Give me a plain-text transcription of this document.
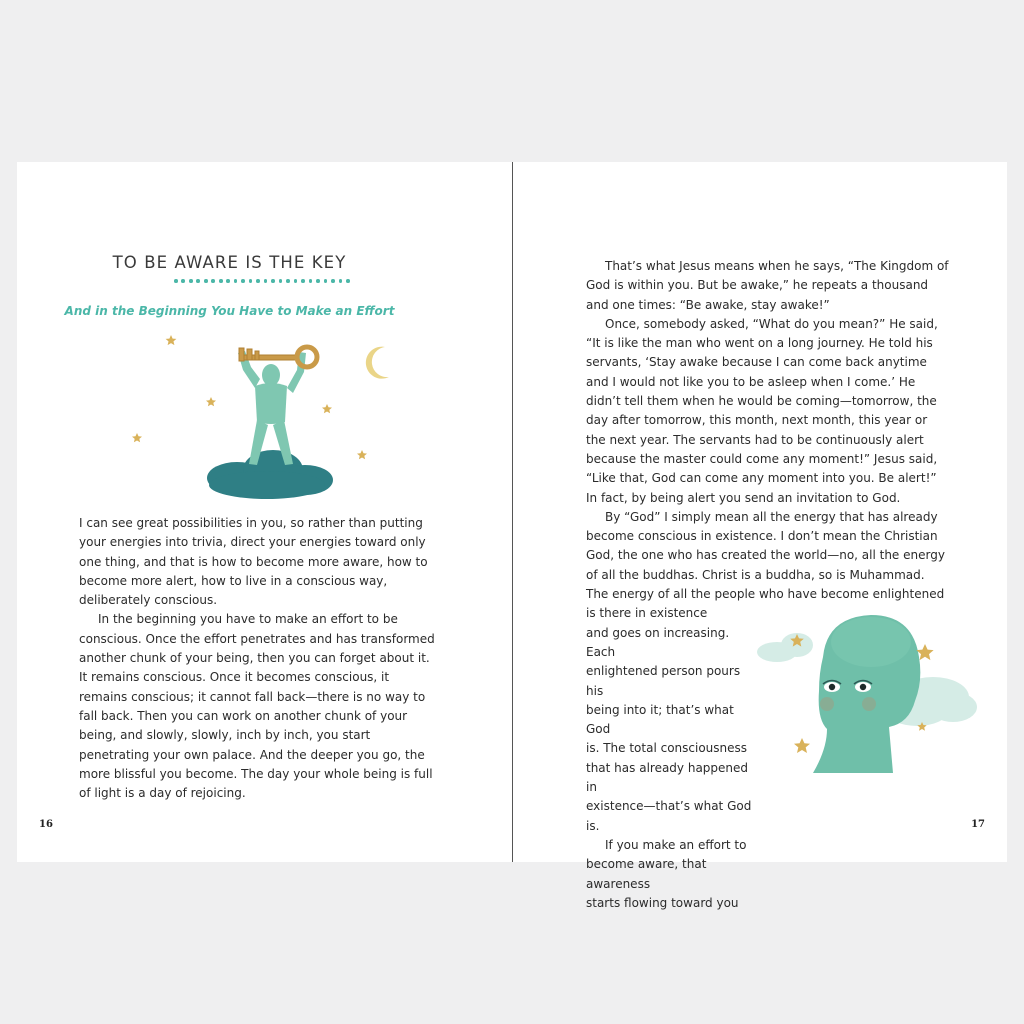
TO BE AWARE IS THE KEY
And in the Beginning You Have to Make an Effort

I can see great possibilities in you, so rather than putting your energies into trivia, direct your energies toward only one thing, and that is how to become more aware, how to become more alert, how to live in a conscious way, deliberately conscious.

In the beginning you have to make an effort to be conscious. Once the effort penetrates and has transformed another chunk of your being, then you can forget about it. It remains conscious. Once it becomes conscious, it remains conscious; it cannot fall back—there is no way to fall back. Then you can work on another chunk of your being, and slowly, slowly, inch by inch, you start penetrating your own palace. And the deeper you go, the more blissful you become. The day your whole being is full of light is a day of rejoicing.

16

That’s what Jesus means when he says, “The Kingdom of God is within you. But be awake,” he repeats a thousand and one times: “Be awake, stay awake!”

Once, somebody asked, “What do you mean?” He said, “It is like the man who went on a long journey. He told his servants, ‘Stay awake because I can come back anytime and I would not like you to be asleep when I come.’ He didn’t tell them when he would be coming—tomorrow, the day after tomorrow, this month, next month, this year or the next year. The servants had to be continuously alert because the master could come any moment!” Jesus said, “Like that, God can come any moment into you. Be alert!” In fact, by being alert you send an invitation to God.

By “God” I simply mean all the energy that has already become conscious in existence. I don’t mean the Christian God, the one who has created the world—no, all the energy of all the buddhas. Christ is a buddha, so is Muhammad. The energy of all the people who have become enlightened is there in existence

and goes on increasing. Each
enlightened person pours his
being into it; that’s what God
is. The total consciousness
that has already happened in
existence—that’s what God is.
If you make an effort to
become aware, that awareness
starts flowing toward you
17
